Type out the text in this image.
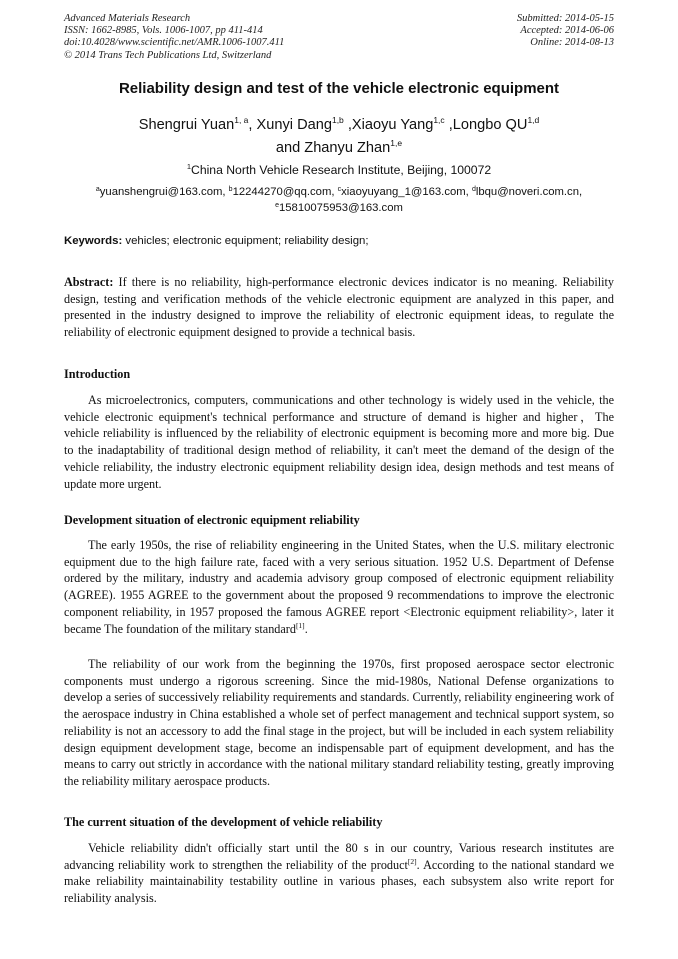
Advanced Materials Research
ISSN: 1662-8985, Vols. 1006-1007, pp 411-414
doi:10.4028/www.scientific.net/AMR.1006-1007.411
© 2014 Trans Tech Publications Ltd, Switzerland
Submitted: 2014-05-15
Accepted: 2014-06-06
Online: 2014-08-13
Reliability design and test of the vehicle electronic equipment
Shengrui Yuan$^{1, a}$, Xunyi Dang$^{1,b}$ ,Xiaoyu Yang$^{1,c}$ ,Longbo QU$^{1,d}$
and Zhanyu Zhan$^{1,e}$
$^1$China North Vehicle Research Institute, Beijing, 100072
$^a$yuanshengrui@163.com, $^b$12244270@qq.com, $^c$xiaoyuyang_1@163.com, $^d$lbqu@noveri.com.cn,
$^e$15810075953@163.com
Keywords: vehicles; electronic equipment; reliability design;
Abstract: If there is no reliability, high-performance electronic devices indicator is no meaning. Reliability design, testing and verification methods of the vehicle electronic equipment are analyzed in this paper, and presented in the industry designed to improve the reliability of electronic equipment ideas, to regulate the reliability of electronic equipment designed to provide a technical basis.
Introduction
As microelectronics, computers, communications and other technology is widely used in the vehicle, the vehicle electronic equipment's technical performance and structure of demand is higher and higher，The vehicle reliability is influenced by the reliability of electronic equipment is becoming more and more big. Due to the inadaptability of traditional design method of reliability, it can't meet the demand of the design of the vehicle reliability, the industry electronic equipment reliability design idea, design methods and test means of update more urgent.
Development situation of electronic equipment reliability
The early 1950s, the rise of reliability engineering in the United States, when the U.S. military electronic equipment due to the high failure rate, faced with a very serious situation. 1952 U.S. Department of Defense ordered by the military, industry and academia advisory group composed of electronic equipment reliability (AGREE). 1955 AGREE to the government about the proposed 9 recommendations to improve the electronic component reliability, in 1957 proposed the famous AGREE report <Electronic equipment reliability>, later it became The foundation of the military standard[1].
The reliability of our work from the beginning the 1970s, first proposed aerospace sector electronic components must undergo a rigorous screening. Since the mid-1980s, National Defense organizations to develop a series of successively reliability requirements and standards. Currently, reliability engineering work of the aerospace industry in China established a whole set of perfect management and technical support system, so reliability is not an accessory to add the final stage in the project, but will be included in each system reliability design equipment development stage, become an indispensable part of equipment development, and has the means to carry out strictly in accordance with the national military standard reliability testing, greatly improving the reliability military aerospace products.
The current situation of the development of vehicle reliability
Vehicle reliability didn't officially start until the 80 s in our country, Various research institutes are advancing reliability work to strengthen the reliability of the product[2]. According to the national standard we make reliability maintainability testability outline in various phases, each subsystem also write report for reliability analysis.
